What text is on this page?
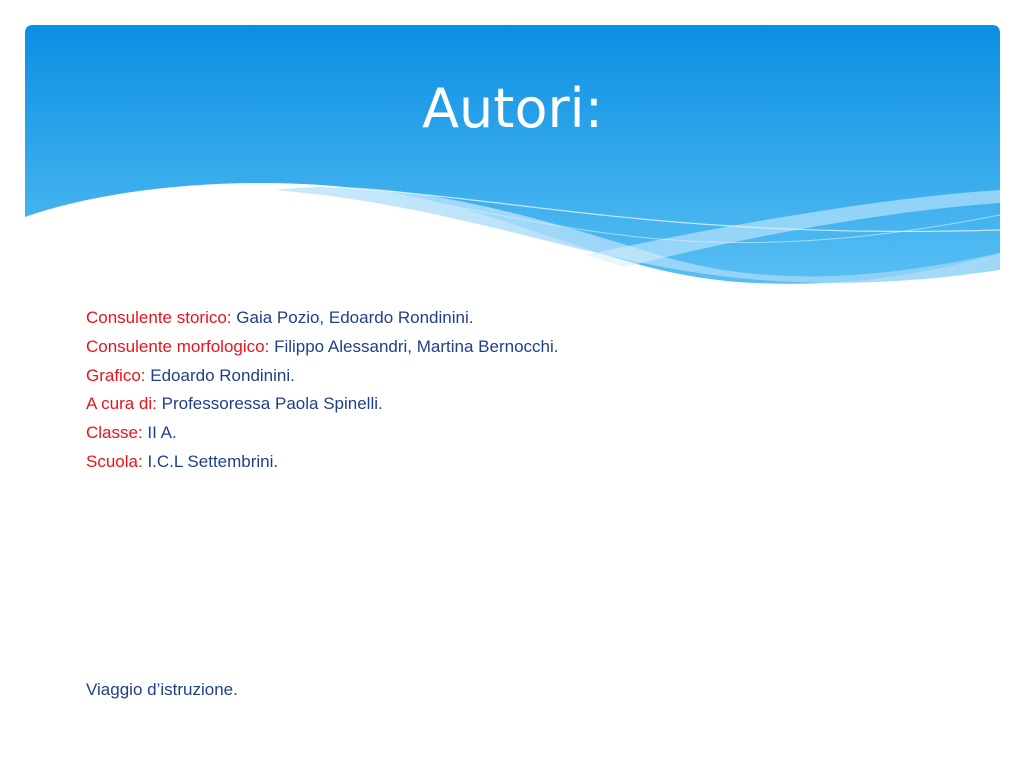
Autori:
Consulente storico: Gaia Pozio, Edoardo Rondinini.
Consulente morfologico: Filippo Alessandri, Martina Bernocchi.
Grafico: Edoardo Rondinini.
A cura di: Professoressa Paola Spinelli.
Classe: II A.
Scuola: I.C.L Settembrini.

Viaggio d’istruzione.
